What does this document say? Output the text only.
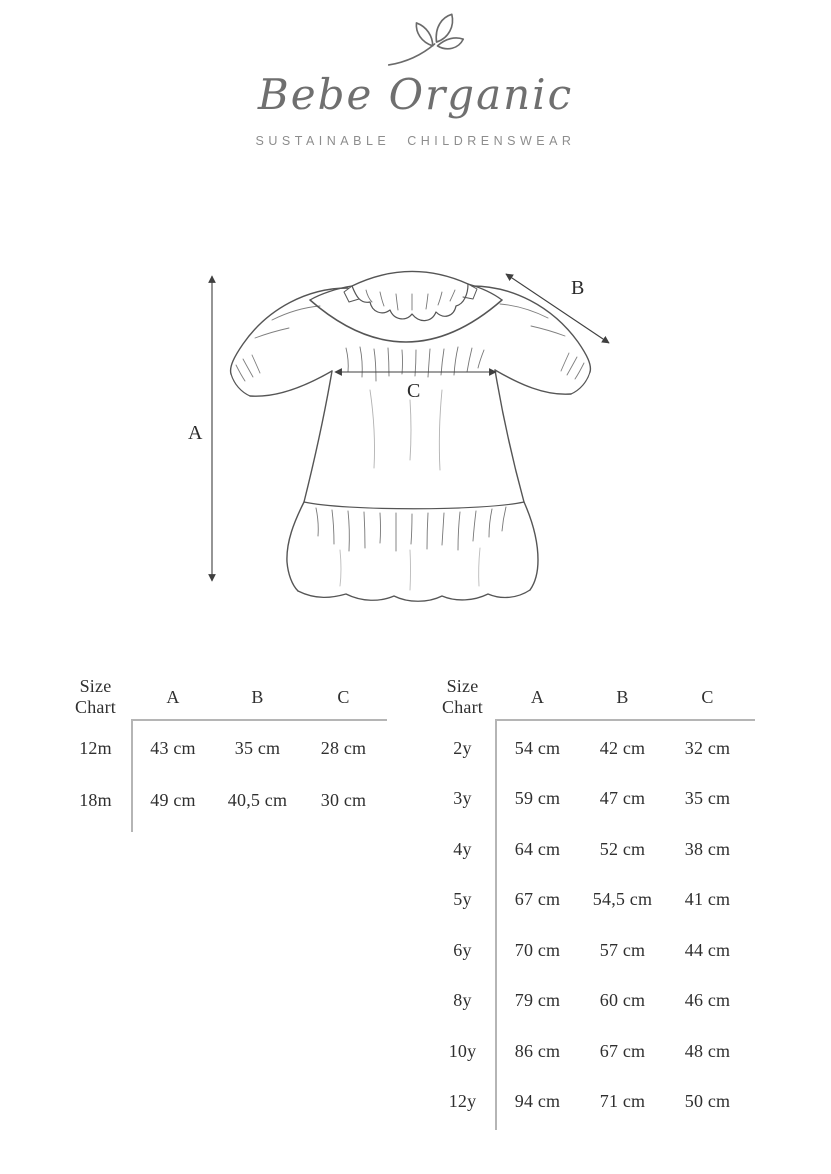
Bebe Organic
SUSTAINABLE CHILDRENSWEAR
A
B
C
Size Chart
A	B	C
12m	43 cm	35 cm	28 cm
18m	49 cm	40,5 cm	30 cm
Size Chart
A	B	C
2y	54 cm	42 cm	32 cm
3y	59 cm	47 cm	35 cm
4y	64 cm	52 cm	38 cm
5y	67 cm	54,5 cm	41 cm
6y	70 cm	57 cm	44 cm
8y	79 cm	60 cm	46 cm
10y	86 cm	67 cm	48 cm
12y	94 cm	71 cm	50 cm
